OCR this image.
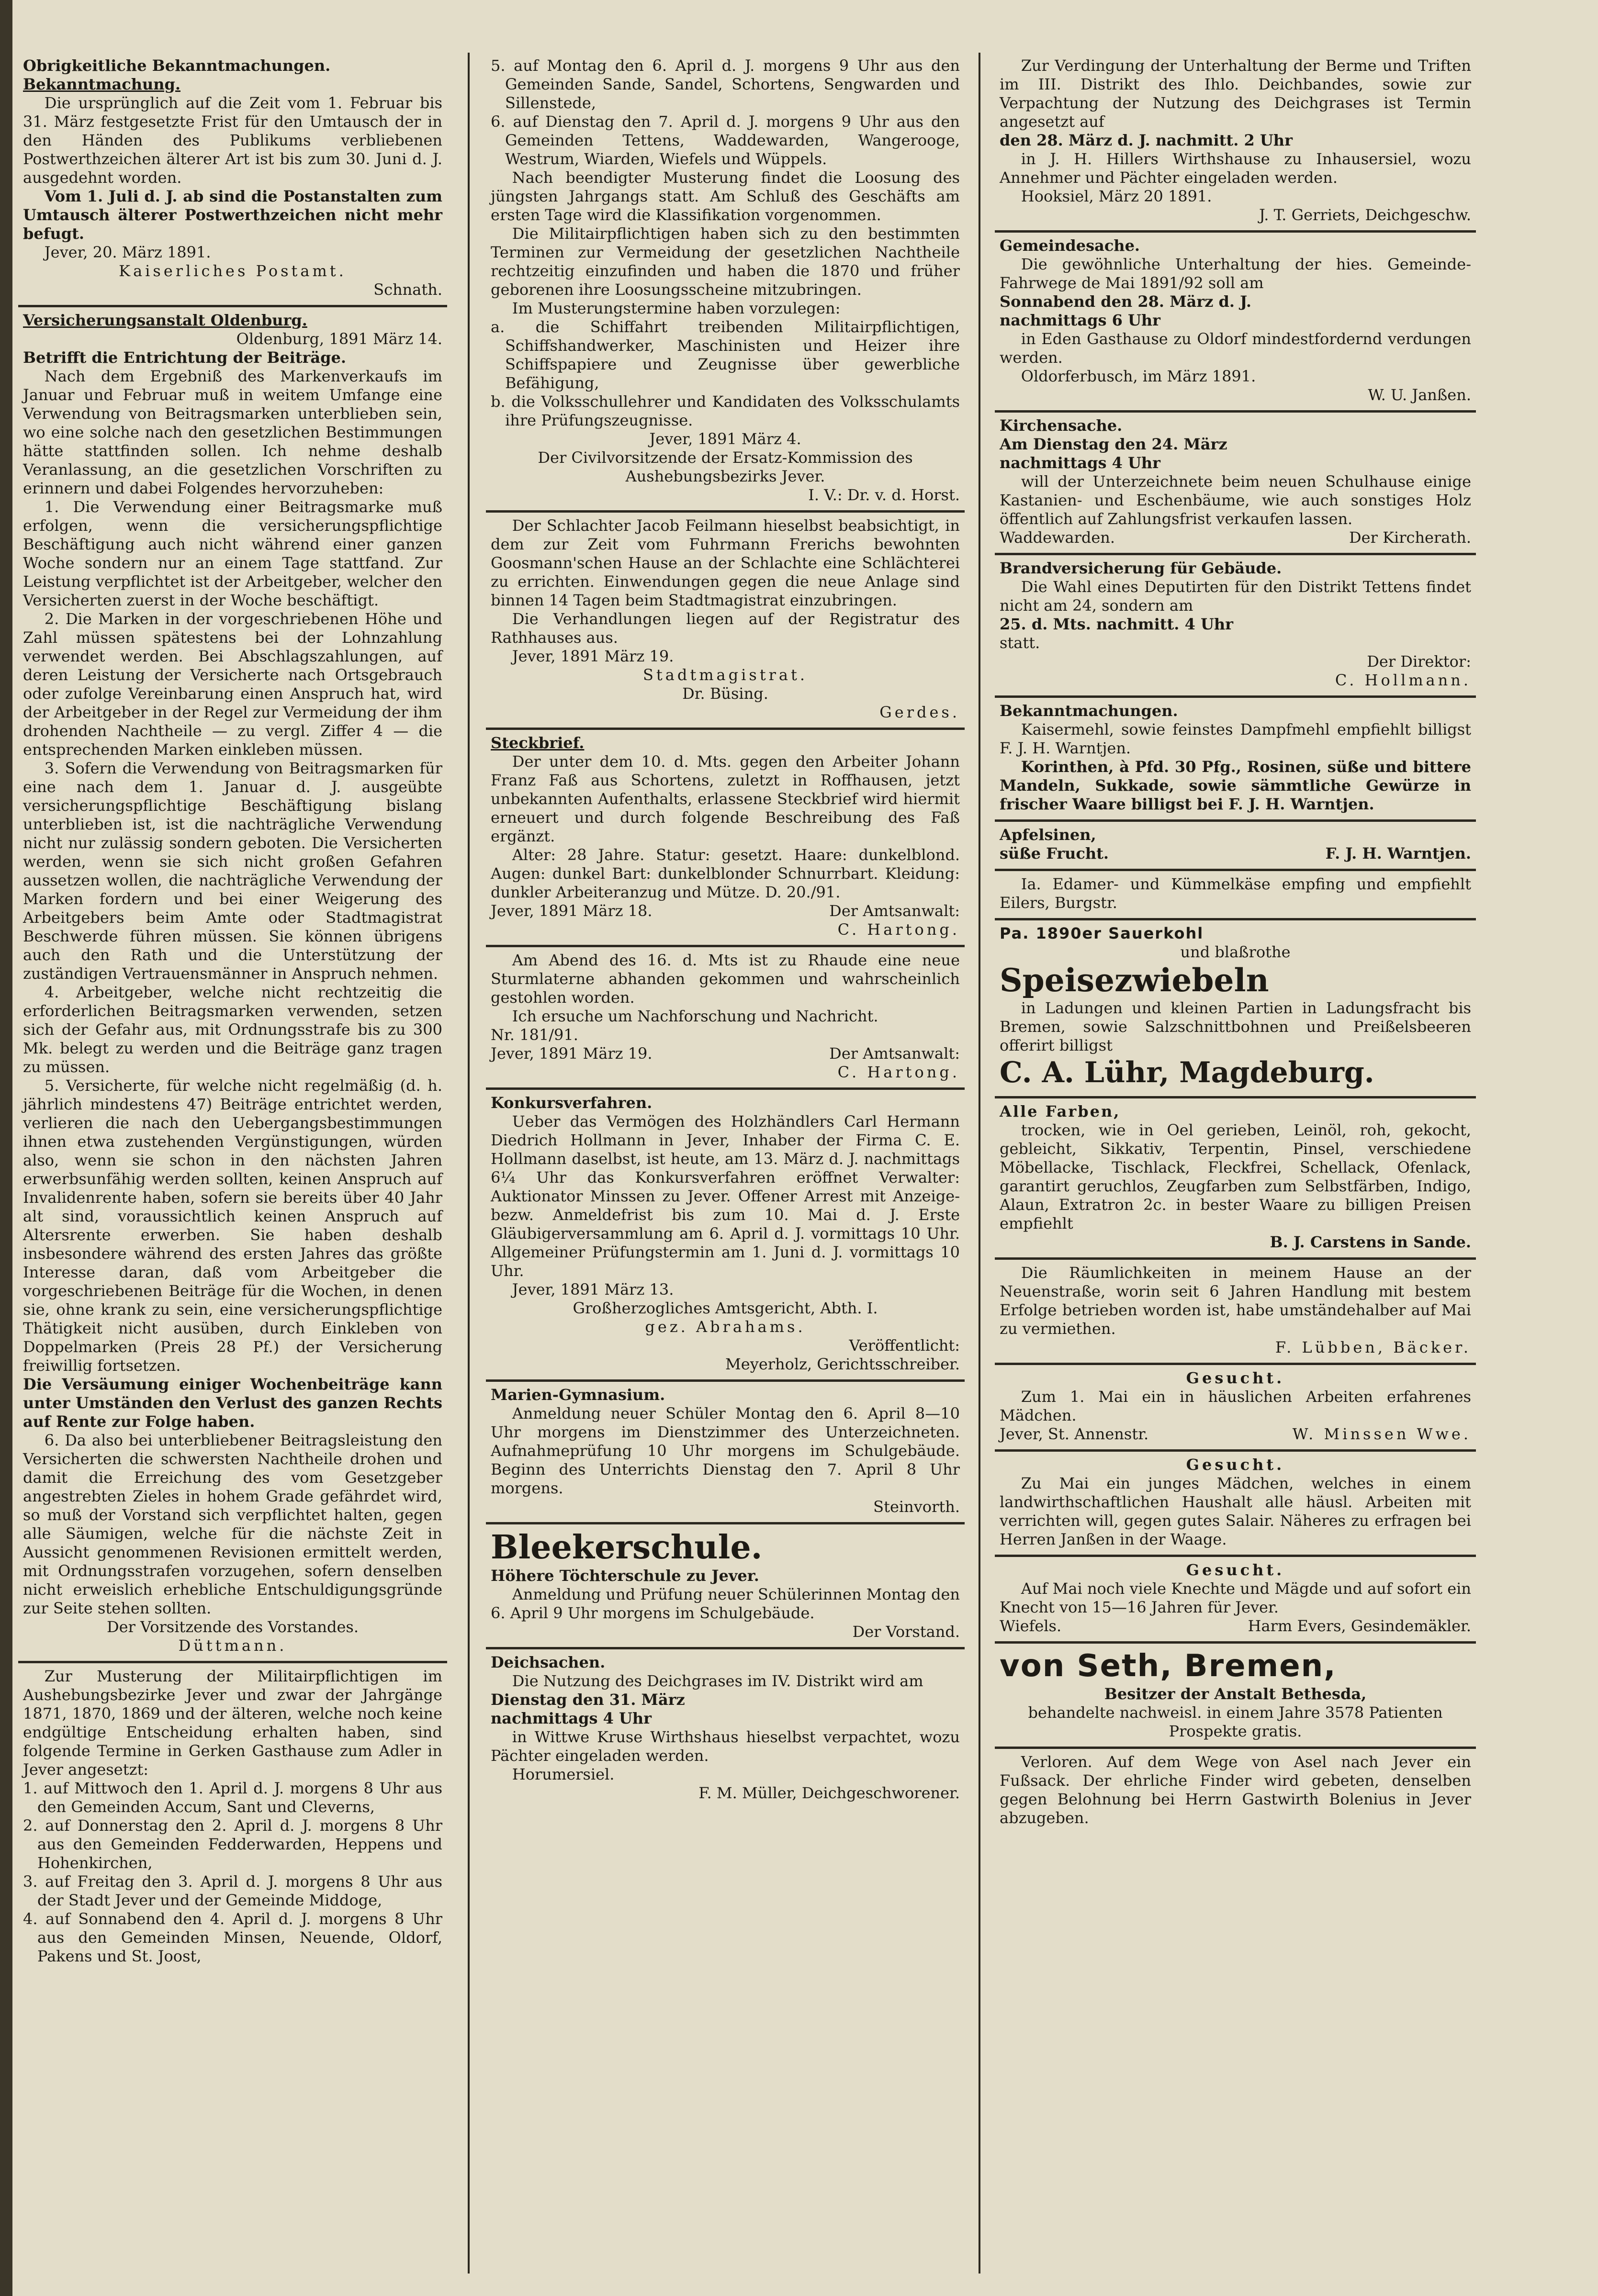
Obrigkeitliche Bekanntmachungen.

Bekanntmachung.

Die ursprünglich auf die Zeit vom 1. Februar bis 31. März festgesetzte Frist für den Umtausch der in den Händen des Publikums verbliebenen Postwerthzeichen älterer Art ist bis zum 30. Juni d. J. ausgedehnt worden.

Vom 1. Juli d. J. ab sind die Postanstalten zum Umtausch älterer Postwerthzeichen nicht mehr befugt.

Jever, 20. März 1891.

Kaiserliches Postamt.

Schnath.

Versicherungsanstalt Oldenburg.

Oldenburg, 1891 März 14.

Betrifft die Entrichtung der Beiträge.

Nach dem Ergebniß des Markenverkaufs im Januar und Februar muß in weitem Umfange eine Verwendung von Beitragsmarken unterblieben sein, wo eine solche nach den gesetzlichen Bestimmungen hätte stattfinden sollen. Ich nehme deshalb Veranlassung, an die gesetzlichen Vorschriften zu erinnern und dabei Folgendes hervorzuheben:

1. Die Verwendung einer Beitragsmarke muß erfolgen, wenn die versicherungspflichtige Beschäftigung auch nicht während einer ganzen Woche sondern nur an einem Tage stattfand. Zur Leistung verpflichtet ist der Arbeitgeber, welcher den Versicherten zuerst in der Woche beschäftigt.

2. Die Marken in der vorgeschriebenen Höhe und Zahl müssen spätestens bei der Lohnzahlung verwendet werden. Bei Abschlagszahlungen, auf deren Leistung der Versicherte nach Ortsgebrauch oder zufolge Vereinbarung einen Anspruch hat, wird der Arbeitgeber in der Regel zur Vermeidung der ihm drohenden Nachtheile — zu vergl. Ziffer 4 — die entsprechenden Marken einkleben müssen.

3. Sofern die Verwendung von Beitragsmarken für eine nach dem 1. Januar d. J. ausgeübte versicherungspflichtige Beschäftigung bislang unterblieben ist, ist die nachträgliche Verwendung nicht nur zulässig sondern geboten. Die Versicherten werden, wenn sie sich nicht großen Gefahren aussetzen wollen, die nachträgliche Verwendung der Marken fordern und bei einer Weigerung des Arbeitgebers beim Amte oder Stadtmagistrat Beschwerde führen müssen. Sie können übrigens auch den Rath und die Unterstützung der zuständigen Vertrauensmänner in Anspruch nehmen.

4. Arbeitgeber, welche nicht rechtzeitig die erforderlichen Beitragsmarken verwenden, setzen sich der Gefahr aus, mit Ordnungsstrafe bis zu 300 Mk. belegt zu werden und die Beiträge ganz tragen zu müssen.

5. Versicherte, für welche nicht regelmäßig (d. h. jährlich mindestens 47) Beiträge entrichtet werden, verlieren die nach den Uebergangsbestimmungen ihnen etwa zustehenden Vergünstigungen, würden also, wenn sie schon in den nächsten Jahren erwerbsunfähig werden sollten, keinen Anspruch auf Invalidenrente haben, sofern sie bereits über 40 Jahr alt sind, voraussichtlich keinen Anspruch auf Altersrente erwerben. Sie haben deshalb insbesondere während des ersten Jahres das größte Interesse daran, daß vom Arbeitgeber die vorgeschriebenen Beiträge für die Wochen, in denen sie, ohne krank zu sein, eine versicherungspflichtige Thätigkeit nicht ausüben, durch Einkleben von Doppelmarken (Preis 28 Pf.) der Versicherung freiwillig fortsetzen.

Die Versäumung einiger Wochenbeiträge kann unter Umständen den Verlust des ganzen Rechts auf Rente zur Folge haben.

6. Da also bei unterbliebener Beitragsleistung den Versicherten die schwersten Nachtheile drohen und damit die Erreichung des vom Gesetzgeber angestrebten Zieles in hohem Grade gefährdet wird, so muß der Vorstand sich verpflichtet halten, gegen alle Säumigen, welche für die nächste Zeit in Aussicht genommenen Revisionen ermittelt werden, mit Ordnungsstrafen vorzugehen, sofern denselben nicht erweislich erhebliche Entschuldigungsgründe zur Seite stehen sollten.

Der Vorsitzende des Vorstandes.

Düttmann.

Zur Musterung der Militairpflichtigen im Aushebungsbezirke Jever und zwar der Jahrgänge 1871, 1870, 1869 und der älteren, welche noch keine endgültige Entscheidung erhalten haben, sind folgende Termine in Gerken Gasthause zum Adler in Jever angesetzt:

1. auf Mittwoch den 1. April d. J. morgens 8 Uhr aus den Gemeinden Accum, Sant und Cleverns,

2. auf Donnerstag den 2. April d. J. morgens 8 Uhr aus den Gemeinden Fedderwarden, Heppens und Hohenkirchen,

3. auf Freitag den 3. April d. J. morgens 8 Uhr aus der Stadt Jever und der Gemeinde Middoge,

4. auf Sonnabend den 4. April d. J. morgens 8 Uhr aus den Gemeinden Minsen, Neuende, Oldorf, Pakens und St. Joost,

5. auf Montag den 6. April d. J. morgens 9 Uhr aus den Gemeinden Sande, Sandel, Schortens, Sengwarden und Sillenstede,

6. auf Dienstag den 7. April d. J. morgens 9 Uhr aus den Gemeinden Tettens, Waddewarden, Wangerooge, Westrum, Wiarden, Wiefels und Wüppels.

Nach beendigter Musterung findet die Loosung des jüngsten Jahrgangs statt. Am Schluß des Geschäfts am ersten Tage wird die Klassifikation vorgenommen.

Die Militairpflichtigen haben sich zu den bestimmten Terminen zur Vermeidung der gesetzlichen Nachtheile rechtzeitig einzufinden und haben die 1870 und früher geborenen ihre Loosungsscheine mitzubringen.

Im Musterungstermine haben vorzulegen:

a. die Schiffahrt treibenden Militairpflichtigen, Schiffshandwerker, Maschinisten und Heizer ihre Schiffspapiere und Zeugnisse über gewerbliche Befähigung,

b. die Volksschullehrer und Kandidaten des Volksschulamts ihre Prüfungszeugnisse.

Jever, 1891 März 4.

Der Civilvorsitzende der Ersatz-Kommission des Aushebungsbezirks Jever.

I. V.: Dr. v. d. Horst.

Der Schlachter Jacob Feilmann hieselbst beabsichtigt, in dem zur Zeit vom Fuhrmann Frerichs bewohnten Goosmann'schen Hause an der Schlachte eine Schlächterei zu errichten. Einwendungen gegen die neue Anlage sind binnen 14 Tagen beim Stadtmagistrat einzubringen.

Die Verhandlungen liegen auf der Registratur des Rathhauses aus.

Jever, 1891 März 19.

Stadtmagistrat.

Dr. Büsing.

Gerdes.

Steckbrief.

Der unter dem 10. d. Mts. gegen den Arbeiter Johann Franz Faß aus Schortens, zuletzt in Roffhausen, jetzt unbekannten Aufenthalts, erlassene Steckbrief wird hiermit erneuert und durch folgende Beschreibung des Faß ergänzt.

Alter: 28 Jahre. Statur: gesetzt. Haare: dunkelblond. Augen: dunkel Bart: dunkelblonder Schnurrbart. Kleidung: dunkler Arbeiteranzug und Mütze. D. 20./91.

Jever, 1891 März 18.	Der Amtsanwalt:

C. Hartong.

Am Abend des 16. d. Mts ist zu Rhaude eine neue Sturmlaterne abhanden gekommen und wahrscheinlich gestohlen worden.

Ich ersuche um Nachforschung und Nachricht.

Nr. 181/91.

Jever, 1891 März 19.	Der Amtsanwalt:

C. Hartong.

Konkursverfahren.

Ueber das Vermögen des Holzhändlers Carl Hermann Diedrich Hollmann in Jever, Inhaber der Firma C. E. Hollmann daselbst, ist heute, am 13. März d. J. nachmittags 6¼ Uhr das Konkursverfahren eröffnet Verwalter: Auktionator Minssen zu Jever. Offener Arrest mit Anzeige- bezw. Anmeldefrist bis zum 10. Mai d. J. Erste Gläubigerversammlung am 6. April d. J. vormittags 10 Uhr. Allgemeiner Prüfungstermin am 1. Juni d. J. vormittags 10 Uhr.

Jever, 1891 März 13.

Großherzogliches Amtsgericht, Abth. I.

gez. Abrahams.

Veröffentlicht:

Meyerholz, Gerichtsschreiber.

Marien-Gymnasium.

Anmeldung neuer Schüler Montag den 6. April 8—10 Uhr morgens im Dienstzimmer des Unterzeichneten. Aufnahmeprüfung 10 Uhr morgens im Schulgebäude. Beginn des Unterrichts Dienstag den 7. April 8 Uhr morgens.

Steinvorth.

Bleekerschule.

Höhere Töchterschule zu Jever.

Anmeldung und Prüfung neuer Schülerinnen Montag den 6. April 9 Uhr morgens im Schulgebäude.

Der Vorstand.

Deichsachen.

Die Nutzung des Deichgrases im IV. Distrikt wird am

Dienstag den 31. März

nachmittags 4 Uhr

in Wittwe Kruse Wirthshaus hieselbst verpachtet, wozu Pächter eingeladen werden.

Horumersiel.

F. M. Müller, Deichgeschworener.

Zur Verdingung der Unterhaltung der Berme und Triften im III. Distrikt des Ihlo. Deichbandes, sowie zur Verpachtung der Nutzung des Deichgrases ist Termin angesetzt auf

den 28. März d. J. nachmitt. 2 Uhr

in J. H. Hillers Wirthshause zu Inhausersiel, wozu Annehmer und Pächter eingeladen werden.

Hooksiel, März 20 1891.

J. T. Gerriets, Deichgeschw.

Gemeindesache.

Die gewöhnliche Unterhaltung der hies. Gemeinde-Fahrwege de Mai 1891/92 soll am

Sonnabend den 28. März d. J.

nachmittags 6 Uhr

in Eden Gasthause zu Oldorf mindestfordernd verdungen werden.

Oldorferbusch, im März 1891.

W. U. Janßen.

Kirchensache.

Am Dienstag den 24. März

nachmittags 4 Uhr

will der Unterzeichnete beim neuen Schulhause einige Kastanien- und Eschenbäume, wie auch sonstiges Holz öffentlich auf Zahlungsfrist verkaufen lassen.

Waddewarden.	Der Kircherath.

Brandversicherung für Gebäude.

Die Wahl eines Deputirten für den Distrikt Tettens findet nicht am 24, sondern am

25. d. Mts. nachmitt. 4 Uhr

statt.

Der Direktor:

C. Hollmann.

Bekanntmachungen.

Kaisermehl, sowie feinstes Dampfmehl empfiehlt billigst F. J. H. Warntjen.

Korinthen, à Pfd. 30 Pfg., Rosinen, süße und bittere Mandeln, Sukkade, sowie sämmtliche Gewürze in frischer Waare billigst bei F. J. H. Warntjen.

Apfelsinen,

süße Frucht.	F. J. H. Warntjen.

Ia. Edamer- und Kümmelkäse empfing und empfiehlt Eilers, Burgstr.

Pa. 1890er Sauerkohl

und blaßrothe

Speisezwiebeln

in Ladungen und kleinen Partien in Ladungsfracht bis Bremen, sowie Salzschnittbohnen und Preißelsbeeren offerirt billigst

C. A. Lühr, Magdeburg.

Alle Farben,

trocken, wie in Oel gerieben, Leinöl, roh, gekocht, gebleicht, Sikkativ, Terpentin, Pinsel, verschiedene Möbellacke, Tischlack, Fleckfrei, Schellack, Ofenlack, garantirt geruchlos, Zeugfarben zum Selbstfärben, Indigo, Alaun, Extratron 2c. in bester Waare zu billigen Preisen empfiehlt

B. J. Carstens in Sande.

Die Räumlichkeiten in meinem Hause an der Neuenstraße, worin seit 6 Jahren Handlung mit bestem Erfolge betrieben worden ist, habe umständehalber auf Mai zu vermiethen.

F. Lübben, Bäcker.

Gesucht.

Zum 1. Mai ein in häuslichen Arbeiten erfahrenes Mädchen.

Jever, St. Annenstr.	W. Minssen Wwe.

Gesucht.

Zu Mai ein junges Mädchen, welches in einem landwirthschaftlichen Haushalt alle häusl. Arbeiten mit verrichten will, gegen gutes Salair. Näheres zu erfragen bei Herren Janßen in der Waage.

Gesucht.

Auf Mai noch viele Knechte und Mägde und auf sofort ein Knecht von 15—16 Jahren für Jever.

Wiefels.	Harm Evers, Gesindemäkler.

von Seth, Bremen,

Besitzer der Anstalt Bethesda,

behandelte nachweisl. in einem Jahre 3578 Patienten

Prospekte gratis.

Verloren. Auf dem Wege von Asel nach Jever ein Fußsack. Der ehrliche Finder wird gebeten, denselben gegen Belohnung bei Herrn Gastwirth Bolenius in Jever abzugeben.
